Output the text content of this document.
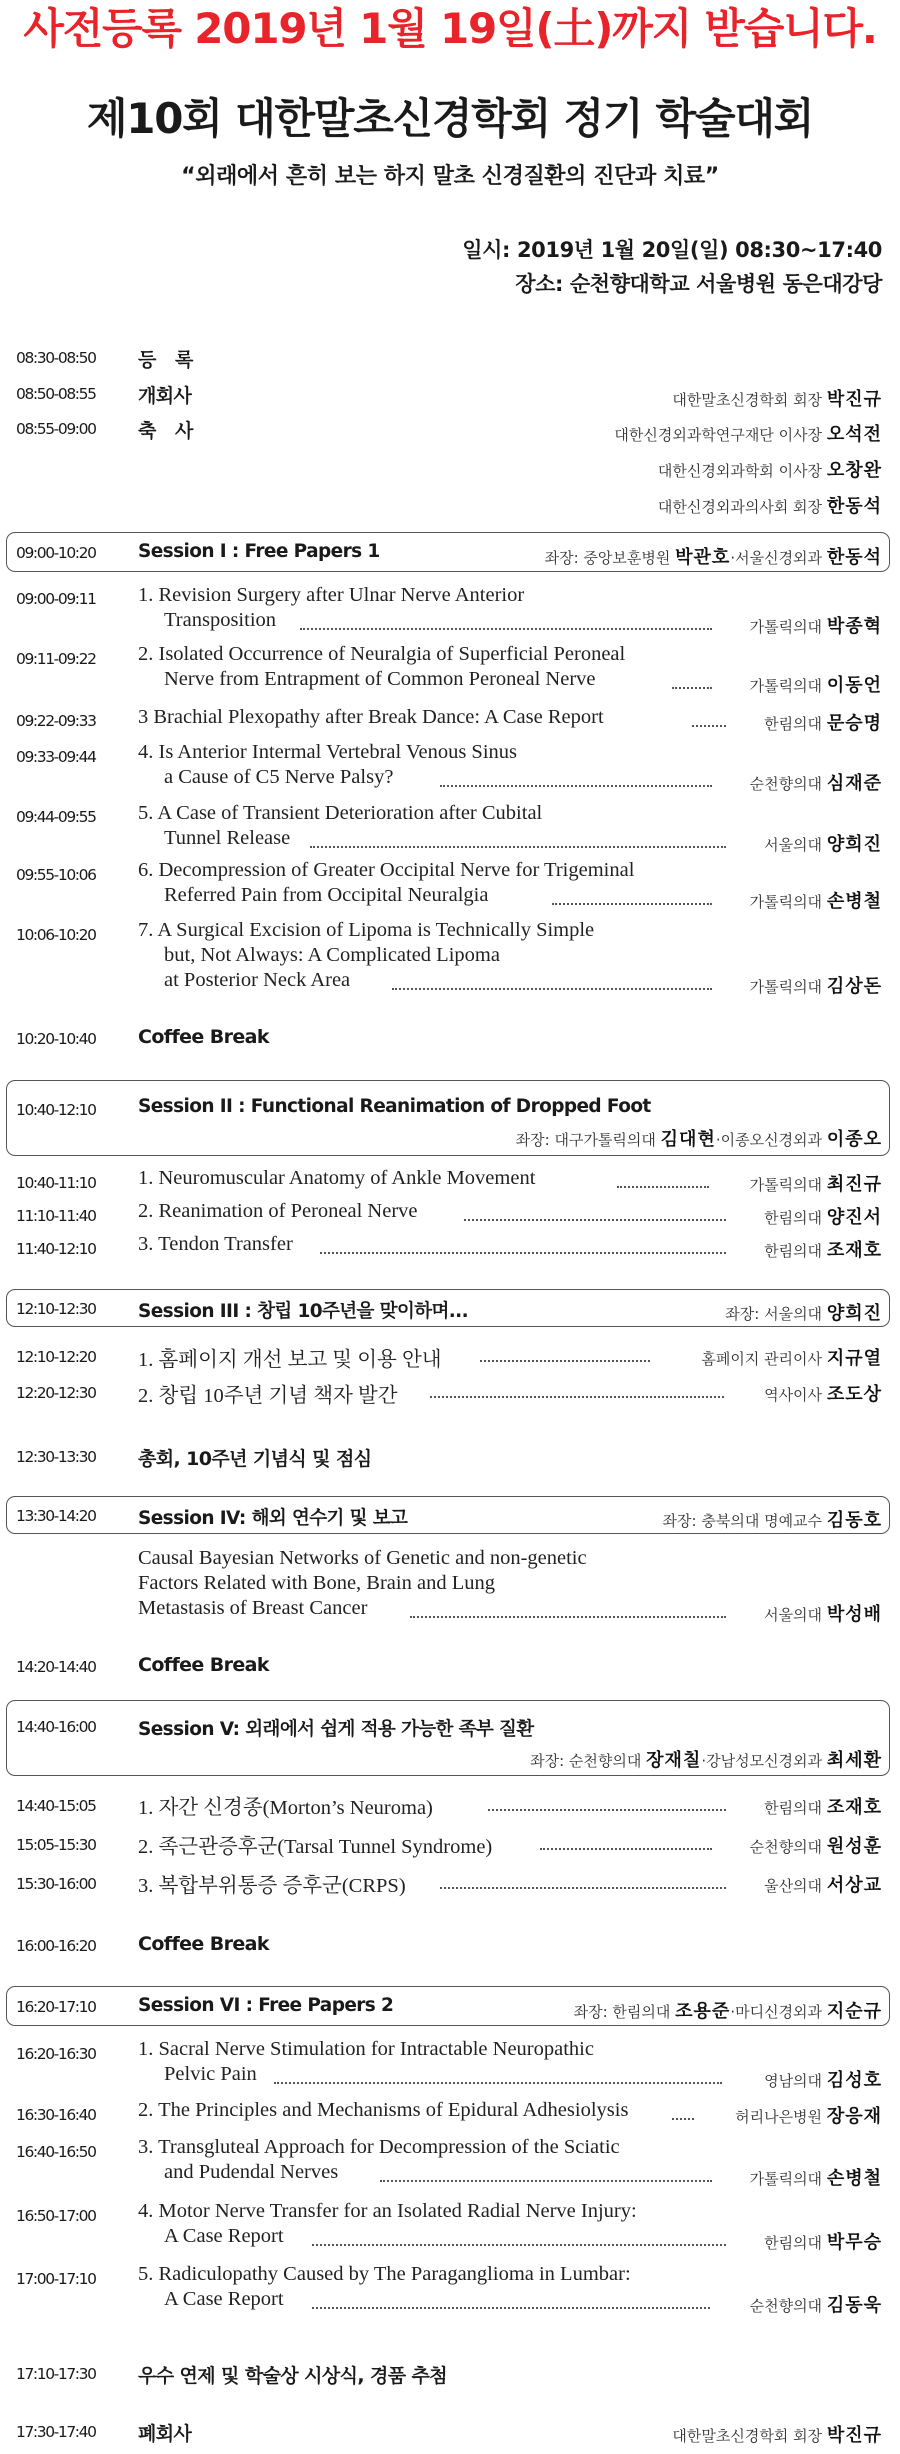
사전등록 2019년 1월 19일(土)까지 받습니다.
제10회 대한말초신경학회 정기 학술대회
“외래에서 흔히 보는 하지 말초 신경질환의 진단과 치료”
일시: 2019년 1월 20일(일) 08:30~17:40
장소: 순천향대학교 서울병원 동은대강당
08:30-08:50 등 록
08:50-08:55 개회사	대한말초신경학회 회장 박진규
08:55-09:00 축 사	대한신경외과학연구재단 이사장 오석전
대한신경외과학회 이사장 오창완
대한신경외과의사회 회장 한동석
09:00-10:20 Session I : Free Papers 1	좌장: 중앙보훈병원 박관호·서울신경외과 한동석
09:00-09:11 1. Revision Surgery after Ulnar Nerve Anterior
Transposition	가톨릭의대 박종혁
09:11-09:22 2. Isolated Occurrence of Neuralgia of Superficial Peroneal
Nerve from Entrapment of Common Peroneal Nerve	가톨릭의대 이동언
09:22-09:33 3 Brachial Plexopathy after Break Dance: A Case Report	한림의대 문승명
09:33-09:44 4. Is Anterior Intermal Vertebral Venous Sinus
a Cause of C5 Nerve Palsy?	순천향의대 심재준
09:44-09:55 5. A Case of Transient Deterioration after Cubital
Tunnel Release	서울의대 양희진
09:55-10:06 6. Decompression of Greater Occipital Nerve for Trigeminal
Referred Pain from Occipital Neuralgia	가톨릭의대 손병철
10:06-10:20 7. A Surgical Excision of Lipoma is Technically Simple
but, Not Always: A Complicated Lipoma
at Posterior Neck Area	가톨릭의대 김상돈
10:20-10:40 Coffee Break
10:40-12:10 Session II : Functional Reanimation of Dropped Foot
좌장: 대구가톨릭의대 김대현·이종오신경외과 이종오
10:40-11:10 1. Neuromuscular Anatomy of Ankle Movement	가톨릭의대 최진규
11:10-11:40 2. Reanimation of Peroneal Nerve	한림의대 양진서
11:40-12:10 3. Tendon Transfer	한림의대 조재호
12:10-12:30 Session III : 창립 10주년을 맞이하며...	좌장: 서울의대 양희진
12:10-12:20 1. 홈페이지 개선 보고 및 이용 안내	홈페이지 관리이사 지규열
12:20-12:30 2. 창립 10주년 기념 책자 발간	역사이사 조도상
12:30-13:30 총회, 10주년 기념식 및 점심
13:30-14:20 Session IV: 해외 연수기 및 보고	좌장: 충북의대 명예교수 김동호
Causal Bayesian Networks of Genetic and non-genetic
Factors Related with Bone, Brain and Lung
Metastasis of Breast Cancer	서울의대 박성배
14:20-14:40 Coffee Break
14:40-16:00 Session V: 외래에서 쉽게 적용 가능한 족부 질환
좌장: 순천향의대 장재칠·강남성모신경외과 최세환
14:40-15:05 1. 자간 신경종(Morton’s Neuroma)	한림의대 조재호
15:05-15:30 2. 족근관증후군(Tarsal Tunnel Syndrome)	순천향의대 원성훈
15:30-16:00 3. 복합부위통증 증후군(CRPS)	울산의대 서상교
16:00-16:20 Coffee Break
16:20-17:10 Session VI : Free Papers 2	좌장: 한림의대 조용준·마디신경외과 지순규
16:20-16:30 1. Sacral Nerve Stimulation for Intractable Neuropathic
Pelvic Pain	영남의대 김성호
16:30-16:40 2. The Principles and Mechanisms of Epidural Adhesiolysis	허리나은병원 장응재
16:40-16:50 3. Transgluteal Approach for Decompression of the Sciatic
and Pudendal Nerves	가톨릭의대 손병철
16:50-17:00 4. Motor Nerve Transfer for an Isolated Radial Nerve Injury:
A Case Report	한림의대 박무승
17:00-17:10 5. Radiculopathy Caused by The Paraganglioma in Lumbar:
A Case Report	순천향의대 김동욱
17:10-17:30 우수 연제 및 학술상 시상식, 경품 추첨
17:30-17:40 폐회사	대한말초신경학회 회장 박진규
